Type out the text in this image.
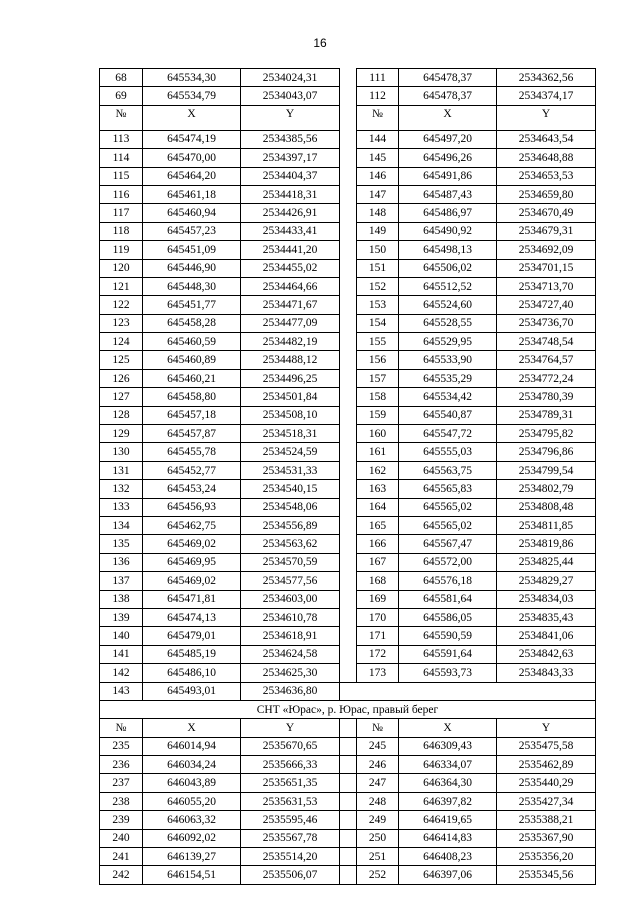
16
68	645534,30	2534024,31		111	645478,37	2534362,56
69	645534,79	2534043,07		112	645478,37	2534374,17
№	X	Y		№	X	Y
113	645474,19	2534385,56		144	645497,20	2534643,54
114	645470,00	2534397,17		145	645496,26	2534648,88
115	645464,20	2534404,37		146	645491,86	2534653,53
116	645461,18	2534418,31		147	645487,43	2534659,80
117	645460,94	2534426,91		148	645486,97	2534670,49
118	645457,23	2534433,41		149	645490,92	2534679,31
119	645451,09	2534441,20		150	645498,13	2534692,09
120	645446,90	2534455,02		151	645506,02	2534701,15
121	645448,30	2534464,66		152	645512,52	2534713,70
122	645451,77	2534471,67		153	645524,60	2534727,40
123	645458,28	2534477,09		154	645528,55	2534736,70
124	645460,59	2534482,19		155	645529,95	2534748,54
125	645460,89	2534488,12		156	645533,90	2534764,57
126	645460,21	2534496,25		157	645535,29	2534772,24
127	645458,80	2534501,84		158	645534,42	2534780,39
128	645457,18	2534508,10		159	645540,87	2534789,31
129	645457,87	2534518,31		160	645547,72	2534795,82
130	645455,78	2534524,59		161	645555,03	2534796,86
131	645452,77	2534531,33		162	645563,75	2534799,54
132	645453,24	2534540,15		163	645565,83	2534802,79
133	645456,93	2534548,06		164	645565,02	2534808,48
134	645462,75	2534556,89		165	645565,02	2534811,85
135	645469,02	2534563,62		166	645567,47	2534819,86
136	645469,95	2534570,59		167	645572,00	2534825,44
137	645469,02	2534577,56		168	645576,18	2534829,27
138	645471,81	2534603,00		169	645581,64	2534834,03
139	645474,13	2534610,78		170	645586,05	2534835,43
140	645479,01	2534618,91		171	645590,59	2534841,06
141	645485,19	2534624,58		172	645591,64	2534842,63
142	645486,10	2534625,30		173	645593,73	2534843,33
143	645493,01	2534636,80				
СНТ «Юрас», р. Юрас, правый берег						
№	X	Y		№	X	Y
235	646014,94	2535670,65		245	646309,43	2535475,58
236	646034,24	2535666,33		246	646334,07	2535462,89
237	646043,89	2535651,35		247	646364,30	2535440,29
238	646055,20	2535631,53		248	646397,82	2535427,34
239	646063,32	2535595,46		249	646419,65	2535388,21
240	646092,02	2535567,78		250	646414,83	2535367,90
241	646139,27	2535514,20		251	646408,23	2535356,20
242	646154,51	2535506,07		252	646397,06	2535345,56
